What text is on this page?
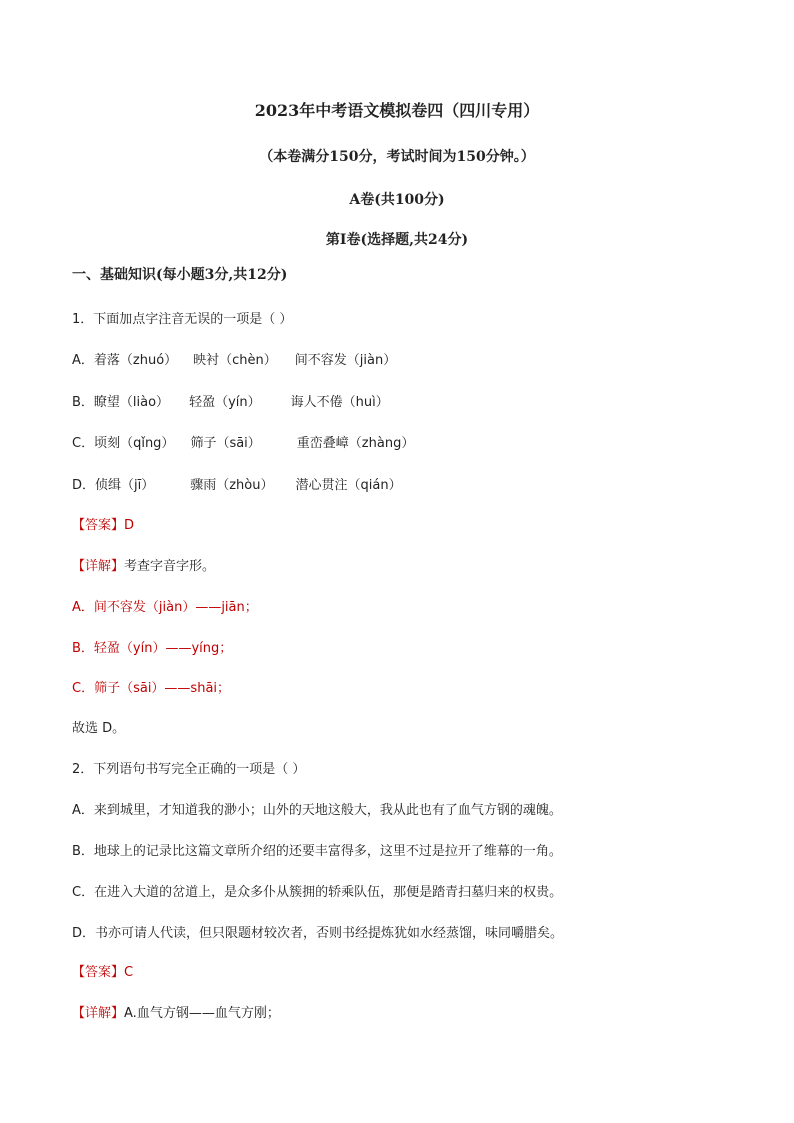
2023年中考语文模拟卷四（四川专用）
（本卷满分150分，考试时间为150分钟。）
A卷(共100分)
第I卷(选择题,共24分)
一、基础知识(每小题3分,共12分)
1．下面加点字注音无误的一项是（ ）
A．着落（zhuó） 映衬（chèn） 间不容发（jiàn）
B．瞭望（liào） 轻盈（yín） 诲人不倦（huì）
C．顷刻（qǐng） 筛子（sāi）	重峦叠嶂（zhàng）
D．侦缉（jī）	骤雨（zhòu） 潜心贯注（qián）
【答案】D
【详解】考查字音字形。
A．间不容发（jiàn）——jiān；
B．轻盈（yín）——yíng；
C．筛子（sāi）——shāi；
故选 D。
2．下列语句书写完全正确的一项是（ ）
A．来到城里，才知道我的渺小；山外的天地这般大，我从此也有了血气方钢的魂魄。
B．地球上的记录比这篇文章所介绍的还要丰富得多，这里不过是拉开了维幕的一角。
C．在进入大道的岔道上，是众多仆从簇拥的轿乘队伍，那便是踏青扫墓归来的权贵。
D．书亦可请人代读，但只限题材较次者，否则书经提炼犹如水经蒸馏，味同嚼腊矣。
【答案】C
【详解】A.血气方钢——血气方刚；
